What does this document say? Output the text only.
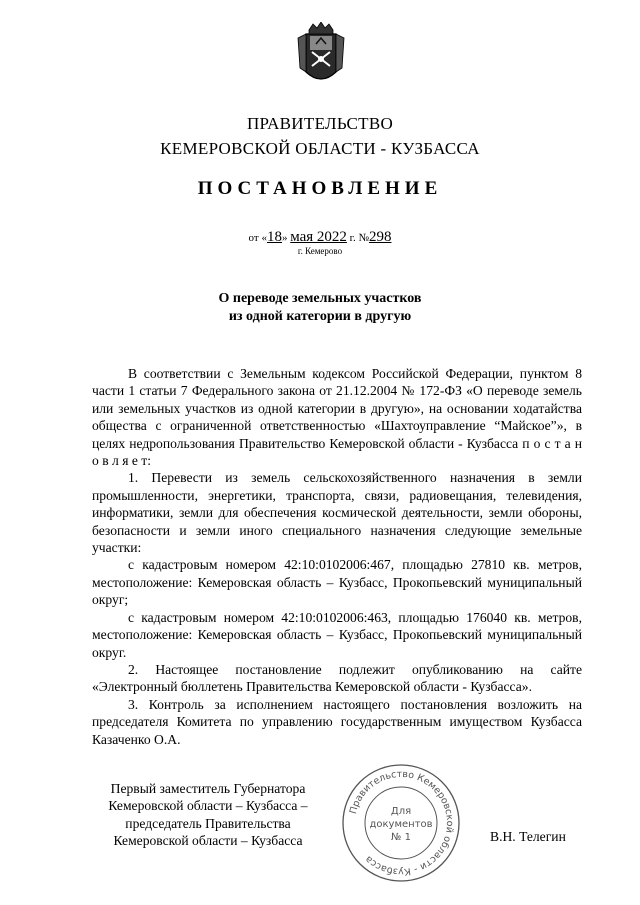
ПРАВИТЕЛЬСТВО
КЕМЕРОВСКОЙ ОБЛАСТИ - КУЗБАССА
ПОСТАНОВЛЕНИЕ
от «18» мая 2022 г. №298
г. Кемерово
О переводе земельных участков
из одной категории в другую

В соответствии с Земельным кодексом Российской Федерации, пунктом 8 части 1 статьи 7 Федерального закона от 21.12.2004 № 172-ФЗ «О переводе земель или земельных участков из одной категории в другую», на основании ходатайства общества с ограниченной ответственностью «Шахтоуправление “Майское”», в целях недропользования Правительство Кемеровской области - Кузбасса п о с т а н о в л я е т:

1. Перевести из земель сельскохозяйственного назначения в земли промышленности, энергетики, транспорта, связи, радиовещания, телевидения, информатики, земли для обеспечения космической деятельности, земли обороны, безопасности и земли иного специального назначения следующие земельные участки:

с кадастровым номером 42:10:0102006:467, площадью 27810 кв. метров, местоположение: Кемеровская область – Кузбасс, Прокопьевский муниципальный округ;

с кадастровым номером 42:10:0102006:463, площадью 176040 кв. метров, местоположение: Кемеровская область – Кузбасс, Прокопьевский муниципальный округ.

2. Настоящее постановление подлежит опубликованию на сайте «Электронный бюллетень Правительства Кемеровской области - Кузбасса».

3. Контроль за исполнением настоящего постановления возложить на председателя Комитета по управлению государственным имуществом Кузбасса Казаченко О.А.

Первый заместитель Губернатора
Кемеровской области – Кузбасса –
председатель Правительства
Кемеровской области – Кузбасса	В.Н. Телегин
Правительство Кемеровской области - Кузбасса
Для
документов
№ 1
